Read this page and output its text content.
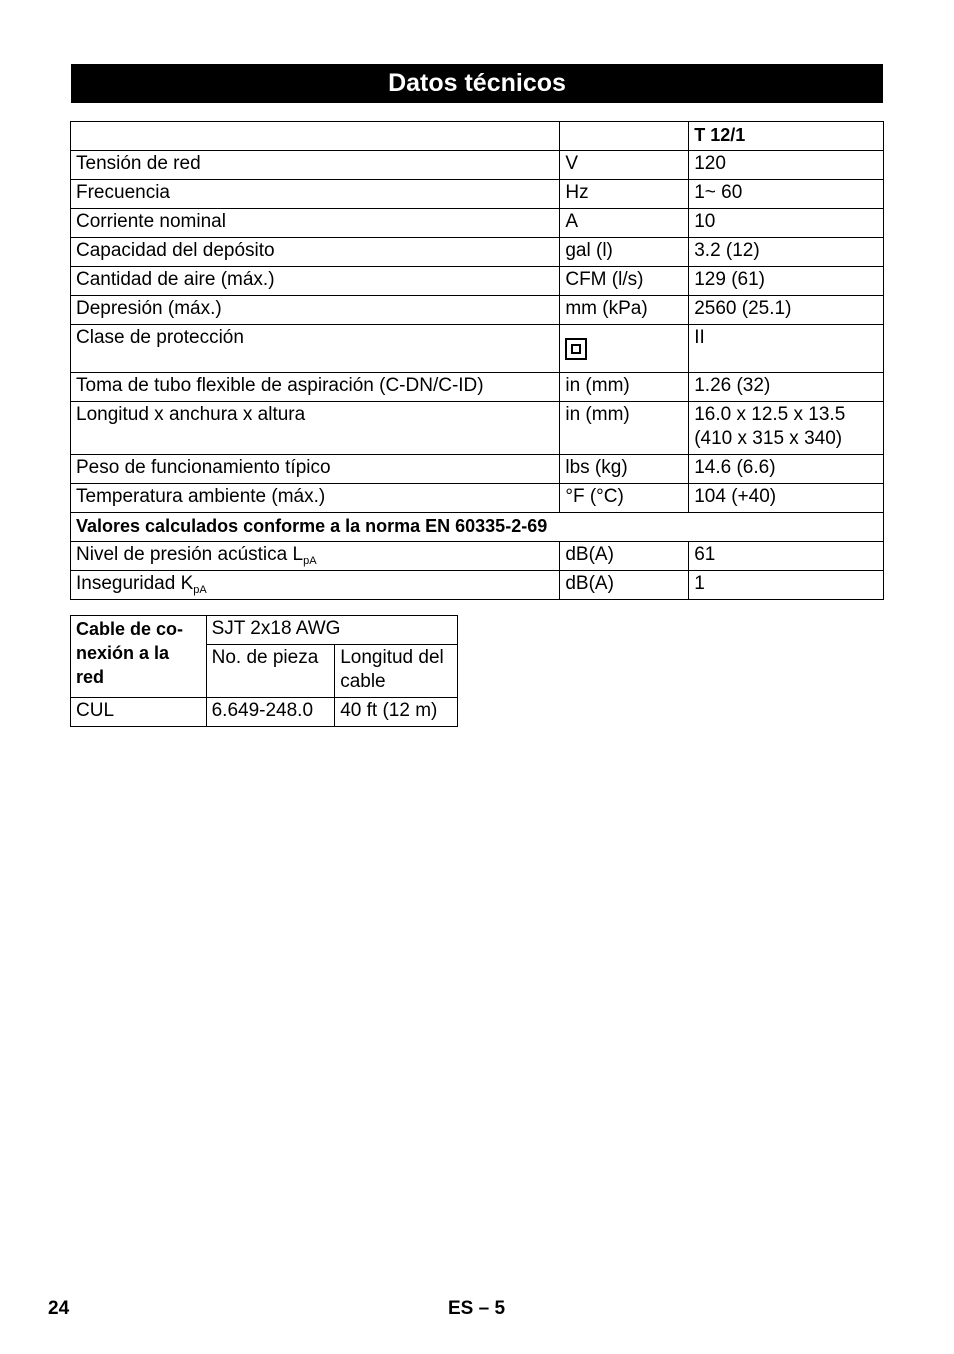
Datos técnicos
		T 12/1
Tensión de red	V	120
Frecuencia	Hz	1~ 60
Corriente nominal	A	10
Capacidad del depósito	gal (l)	3.2 (12)
Cantidad de aire (máx.)	CFM (l/s)	129 (61)
Depresión (máx.)	mm (kPa)	2560 (25.1)
Clase de protección		II
Toma de tubo flexible de aspiración (C-DN/C-ID)	in (mm)	1.26 (32)
Longitud x anchura x altura	in (mm)	16.0 x 12.5 x 13.5
(410 x 315 x 340)

Peso de funcionamiento típico	lbs (kg)	14.6 (6.6)
Temperatura ambiente (máx.)	°F (°C)	104 (+40)
Valores calculados conforme a la norma EN 60335-2-69		
Nivel de presión acústica $L_{pA}$	dB(A)	61
Inseguridad $K_{pA}$	dB(A)	1
Cable de co-
nexión a la
red	SJT 2x18 AWG	
	No. de pieza	Longitud del
cable

CUL	6.649-248.0	40 ft (12 m)
24	ES – 5
